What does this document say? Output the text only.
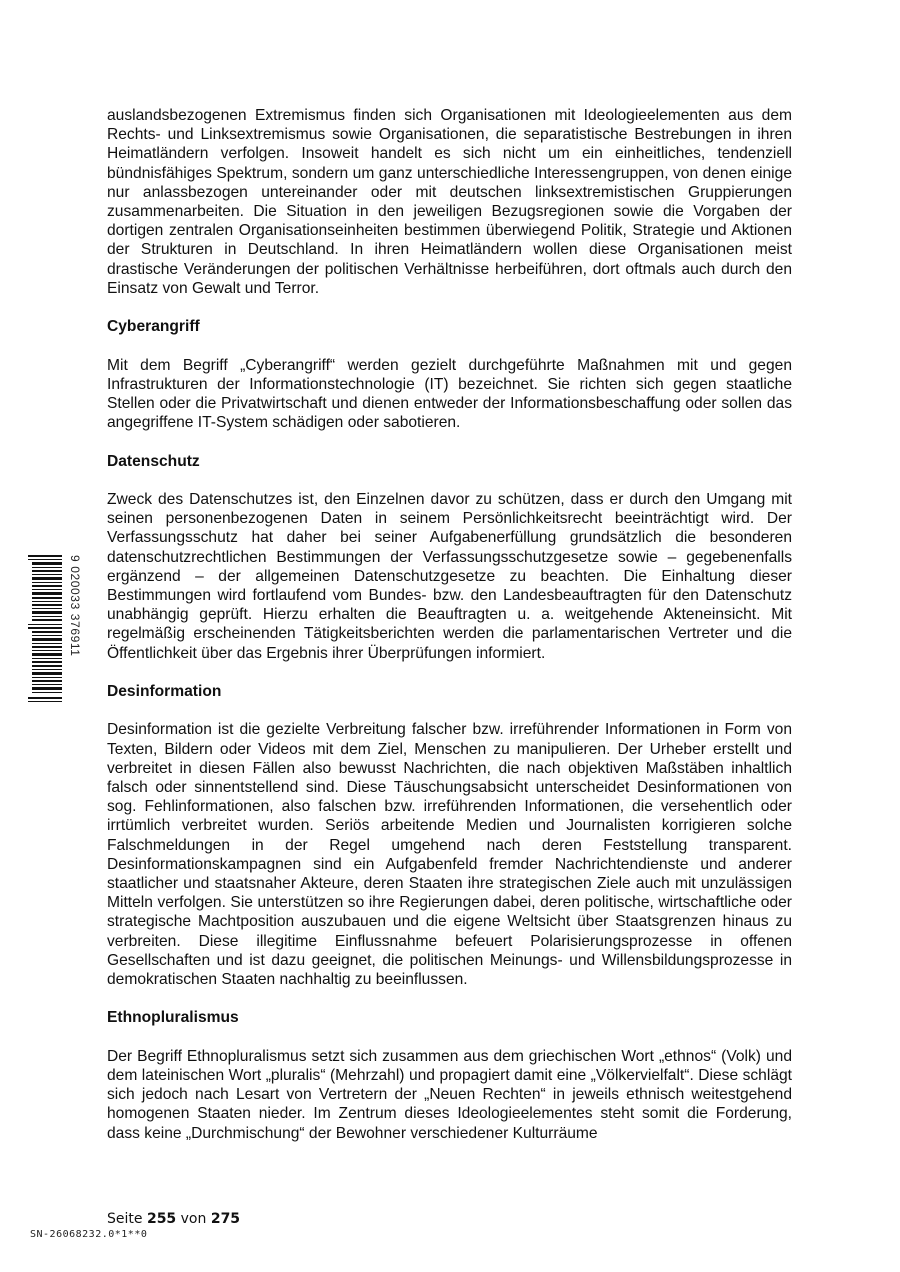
auslandsbezogenen Extremismus finden sich Organisationen mit Ideologieelementen aus dem Rechts- und Linksextremismus sowie Organisationen, die separatistische Bestrebungen in ihren Heimatländern verfolgen. Insoweit handelt es sich nicht um ein einheitliches, tendenziell bündnisfähiges Spektrum, sondern um ganz unterschiedliche Interessengruppen, von denen einige nur anlassbezogen untereinander oder mit deutschen linksextremistischen Gruppierungen zusammenarbeiten. Die Situation in den jeweiligen Bezugsregionen sowie die Vorgaben der dortigen zentralen Organisationseinheiten bestimmen überwiegend Politik, Strategie und Aktionen der Strukturen in Deutschland. In ihren Heimatländern wollen diese Organisationen meist drastische Veränderungen der politischen Verhältnisse herbeiführen, dort oftmals auch durch den Einsatz von Gewalt und Terror.

Cyberangriff

Mit dem Begriff „Cyberangriff“ werden gezielt durchgeführte Maßnahmen mit und gegen Infrastrukturen der Informationstechnologie (IT) bezeichnet. Sie richten sich gegen staatliche Stellen oder die Privatwirtschaft und dienen entweder der Informationsbeschaffung oder sollen das angegriffene IT-System schädigen oder sabotieren.

Datenschutz

Zweck des Datenschutzes ist, den Einzelnen davor zu schützen, dass er durch den Umgang mit seinen personenbezogenen Daten in seinem Persönlichkeitsrecht beeinträchtigt wird. Der Verfassungsschutz hat daher bei seiner Aufgabenerfüllung grundsätzlich die besonderen datenschutzrechtlichen Bestimmungen der Verfassungsschutzgesetze sowie – gegebenenfalls ergänzend – der allgemeinen Datenschutzgesetze zu beachten. Die Einhaltung dieser Bestimmungen wird fortlaufend vom Bundes- bzw. den Landesbeauftragten für den Datenschutz unabhängig geprüft. Hierzu erhalten die Beauftragten u. a. weitgehende Akteneinsicht. Mit regelmäßig erscheinenden Tätigkeitsberichten werden die parlamentarischen Vertreter und die Öffentlichkeit über das Ergebnis ihrer Überprüfungen informiert.

Desinformation

Desinformation ist die gezielte Verbreitung falscher bzw. irreführender Informationen in Form von Texten, Bildern oder Videos mit dem Ziel, Menschen zu manipulieren. Der Urheber erstellt und verbreitet in diesen Fällen also bewusst Nachrichten, die nach objektiven Maßstäben inhaltlich falsch oder sinnentstellend sind. Diese Täuschungsabsicht unterscheidet Desinformationen von sog. Fehlinformationen, also falschen bzw. irreführenden Informationen, die versehentlich oder irrtümlich verbreitet wurden. Seriös arbeitende Medien und Journalisten korrigieren solche Falschmeldungen in der Regel umgehend nach deren Feststellung transparent. Desinformationskampagnen sind ein Aufgabenfeld fremder Nachrichtendienste und anderer staatlicher und staatsnaher Akteure, deren Staaten ihre strategischen Ziele auch mit unzulässigen Mitteln verfolgen. Sie unterstützen so ihre Regierungen dabei, deren politische, wirtschaftliche oder strategische Machtposition auszubauen und die eigene Weltsicht über Staatsgrenzen hinaus zu verbreiten. Diese illegitime Einflussnahme befeuert Polarisierungsprozesse in offenen Gesellschaften und ist dazu geeignet, die politischen Meinungs- und Willensbildungsprozesse in demokratischen Staaten nachhaltig zu beeinflussen.

Ethnopluralismus

Der Begriff Ethnopluralismus setzt sich zusammen aus dem griechischen Wort „ethnos“ (Volk) und dem lateinischen Wort „pluralis“ (Mehrzahl) und propagiert damit eine „Völkervielfalt“. Diese schlägt sich jedoch nach Lesart von Vertretern der „Neuen Rechten“ in jeweils ethnisch weitestgehend homogenen Staaten nieder. Im Zentrum dieses Ideologieelementes steht somit die Forderung, dass keine „Durchmischung“ der Bewohner verschiedener Kulturräume

9 020033 376911
Seite 255 von 275
SN-26068232.0*1**0
